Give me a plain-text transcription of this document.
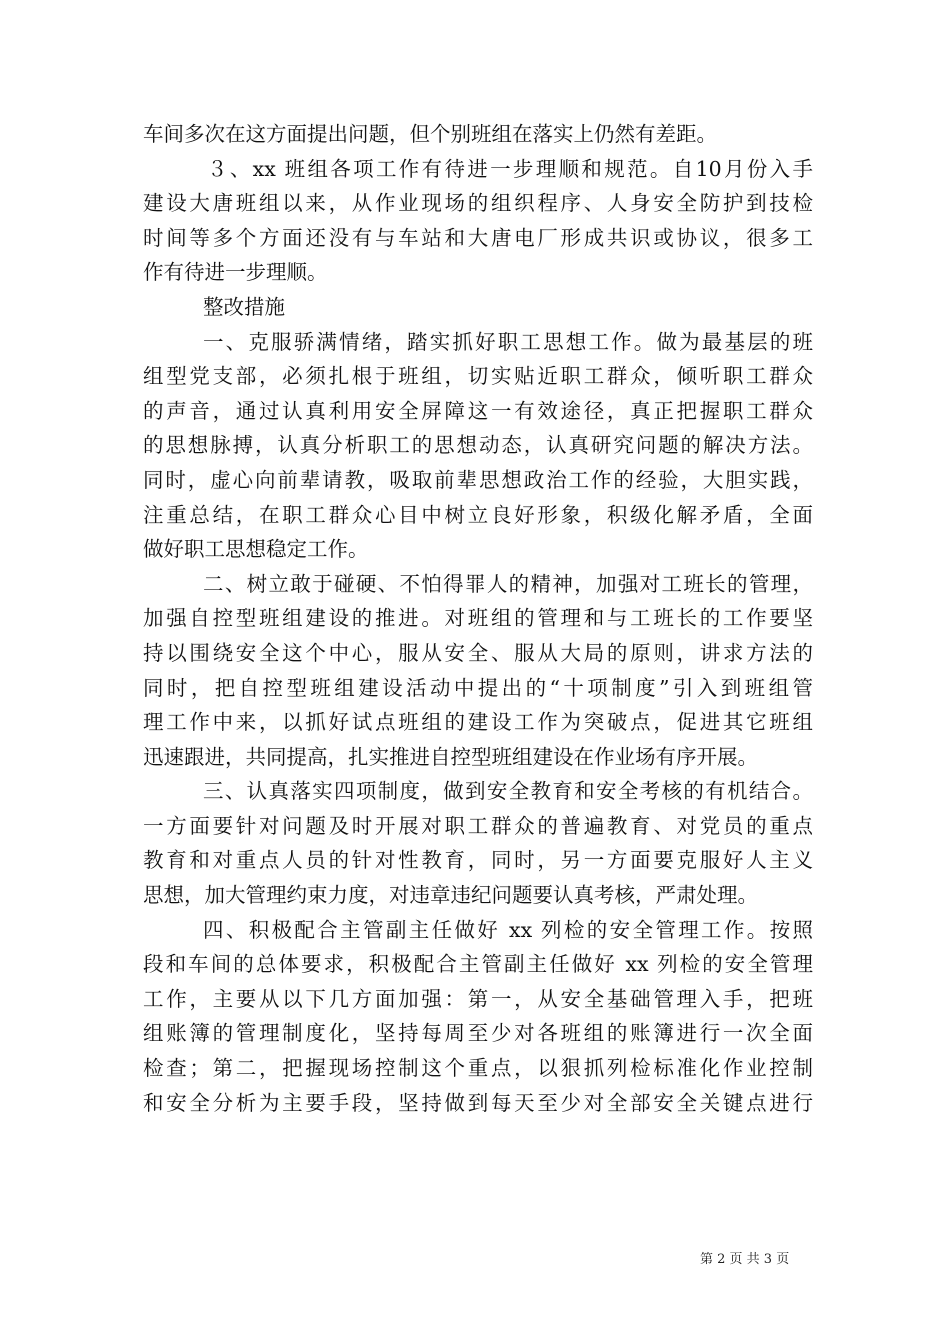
车间多次在这方面提出问题，但个别班组在落实上仍然有差距。
３、xx 班组各项工作有待进一步理顺和规范。自10月份入手
建设大唐班组以来，从作业现场的组织程序、人身安全防护到技检
时间等多个方面还没有与车站和大唐电厂形成共识或协议，很多工
作有待进一步理顺。
整改措施
一、克服骄满情绪，踏实抓好职工思想工作。做为最基层的班
组型党支部，必须扎根于班组，切实贴近职工群众，倾听职工群众
的声音，通过认真利用安全屏障这一有效途径，真正把握职工群众
的思想脉搏，认真分析职工的思想动态，认真研究问题的解决方法。
同时，虚心向前辈请教，吸取前辈思想政治工作的经验，大胆实践，
注重总结，在职工群众心目中树立良好形象，积级化解矛盾，全面
做好职工思想稳定工作。
二、树立敢于碰硬、不怕得罪人的精神，加强对工班长的管理，
加强自控型班组建设的推进。对班组的管理和与工班长的工作要坚
持以围绕安全这个中心，服从安全、服从大局的原则，讲求方法的
同时，把自控型班组建设活动中提出的“十项制度”引入到班组管
理工作中来，以抓好试点班组的建设工作为突破点，促进其它班组
迅速跟进，共同提高，扎实推进自控型班组建设在作业场有序开展。
三、认真落实四项制度，做到安全教育和安全考核的有机结合。
一方面要针对问题及时开展对职工群众的普遍教育、对党员的重点
教育和对重点人员的针对性教育，同时，另一方面要克服好人主义
思想，加大管理约束力度，对违章违纪问题要认真考核，严肃处理。
四、积极配合主管副主任做好 xx 列检的安全管理工作。按照
段和车间的总体要求，积极配合主管副主任做好 xx 列检的安全管理
工作，主要从以下几方面加强：第一，从安全基础管理入手，把班
组账簿的管理制度化，坚持每周至少对各班组的账簿进行一次全面
检查；第二，把握现场控制这个重点，以狠抓列检标准化作业控制
和安全分析为主要手段，坚持做到每天至少对全部安全关键点进行
第 2 页 共 3 页
